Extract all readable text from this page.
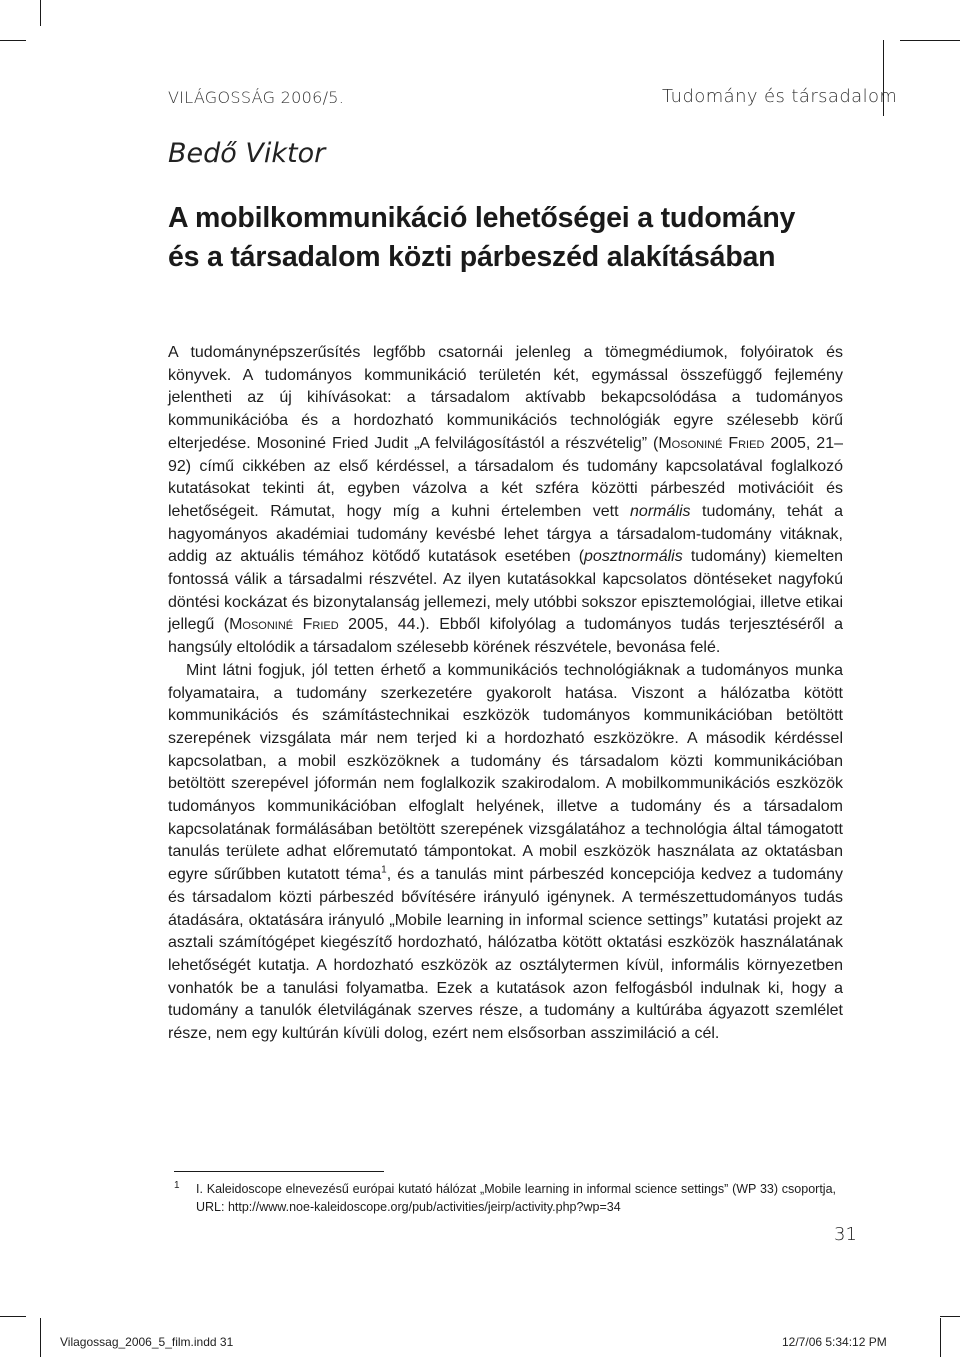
VILÁGOSSÁG 2006/5.	Tudomány és társadalom
Bedő Viktor
A mobilkommunikáció lehetőségei a tudomány
és a társadalom közti párbeszéd alakításában

A tudománynépszerűsítés legfőbb csatornái jelenleg a tömegmédiumok, folyóiratok és könyvek. A tudományos kommunikáció területén két, egymással összefüggő fejlemény jelentheti az új kihívásokat: a társadalom aktívabb bekapcsolódása a tudományos kommunikációba és a hordozható kommunikációs technológiák egyre szélesebb körű elterjedése. Mosoniné Fried Judit „A felvilágosítástól a részvételig” (Mosoniné Fried 2005, 21–92) című cikkében az első kérdéssel, a társadalom és tudomány kapcsolatával foglalkozó kutatásokat tekinti át, egyben vázolva a két szféra közötti párbeszéd motivációit és lehetőségeit. Rámutat, hogy míg a kuhni értelemben vett normális tudomány, tehát a hagyományos akadémiai tudomány kevésbé lehet tárgya a társadalom-tudomány vitáknak, addig az aktuális témához kötődő kutatások esetében (posztnormális tudomány) kiemelten fontossá válik a társadalmi részvétel. Az ilyen kutatásokkal kapcsolatos döntéseket nagyfokú döntési kockázat és bizonytalanság jellemezi, mely utóbbi sokszor episztemológiai, illetve etikai jellegű (Mosoniné Fried 2005, 44.). Ebből kifolyólag a tudományos tudás terjesztéséről a hangsúly eltolódik a társadalom szélesebb körének részvétele, bevonása felé.

Mint látni fogjuk, jól tetten érhető a kommunikációs technológiáknak a tudományos munka folyamataira, a tudomány szerkezetére gyakorolt hatása. Viszont a hálózatba kötött kommunikációs és számítástechnikai eszközök tudományos kommunikációban betöltött szerepének vizsgálata már nem terjed ki a hordozható eszközökre. A második kérdéssel kapcsolatban, a mobil eszközöknek a tudomány és társadalom közti kommunikációban betöltött szerepével jóformán nem foglalkozik szakirodalom. A mobilkommunikációs eszközök tudományos kommunikációban elfoglalt helyének, illetve a tudomány és a társadalom kapcsolatának formálásában betöltött szerepének vizsgálatához a technológia által támogatott tanulás területe adhat előremutató támpontokat. A mobil eszközök használata az oktatásban egyre sűrűbben kutatott téma$^1$, és a tanulás mint párbeszéd koncepciója kedvez a tudomány és társadalom közti párbeszéd bővítésére irányuló igénynek. A természettudományos tudás átadására, oktatására irányuló „Mobile learning in informal science settings” kutatási projekt az asztali számítógépet kiegészítő hordozható, hálózatba kötött oktatási eszközök használatának lehetőségét kutatja. A hordozható eszközök az osztálytermen kívül, informális környezetben vonhatók be a tanulási folyamatba. Ezek a kutatások azon felfogásból indulnak ki, hogy a tudomány a tanulók életvilágának szerves része, a tudomány a kultúrába ágyazott szemlélet része, nem egy kultúrán kívüli dolog, ezért nem elsősorban asszimiláció a cél.

$^1$ I. Kaleidoscope elnevezésű európai kutató hálózat „Mobile learning in informal science settings” (WP 33) csoportja, URL: http://www.noe-kaleidoscope.org/pub/activities/jeirp/activity.php?wp=34
31
Vilagossag_2006_5_film.indd 31	12/7/06 5:34:12 PM
